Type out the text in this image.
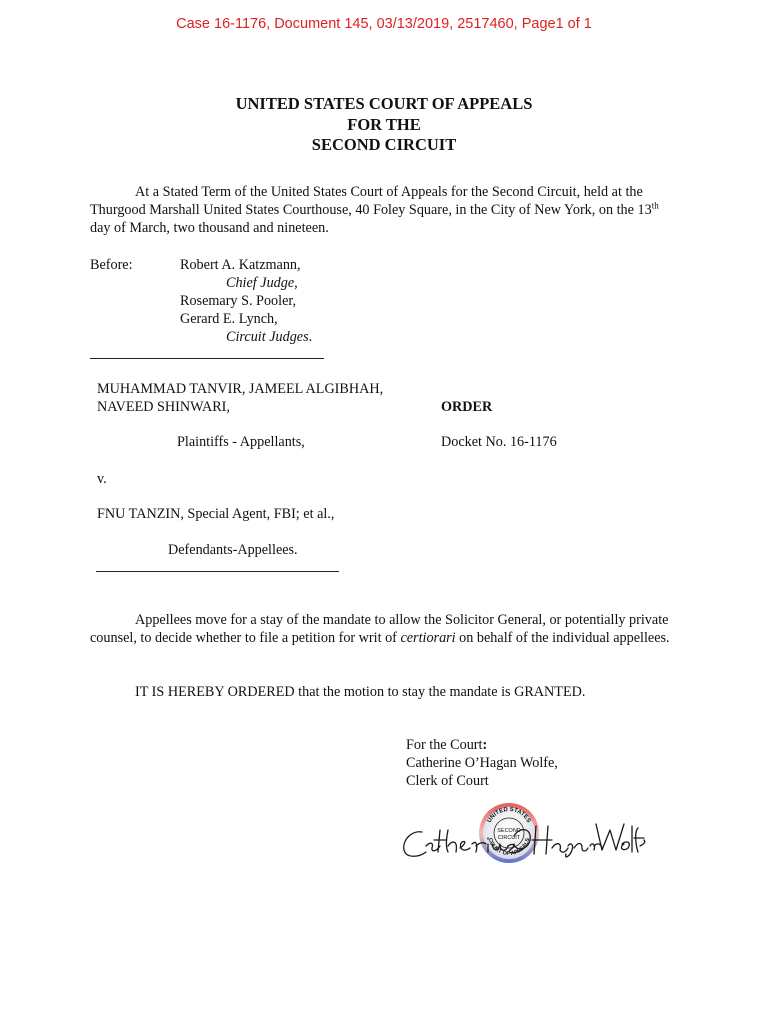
Case 16-1176, Document 145, 03/13/2019, 2517460, Page1 of 1
UNITED STATES COURT OF APPEALS
FOR THE
SECOND CIRCUIT
At a Stated Term of the United States Court of Appeals for the Second Circuit, held at the Thurgood Marshall United States Courthouse, 40 Foley Square, in the City of New York, on the 13th day of March, two thousand and nineteen.
Before:	Robert A. Katzmann,
Chief Judge,
Rosemary S. Pooler,
Gerard E. Lynch,
Circuit Judges.
MUHAMMAD TANVIR, JAMEEL ALGIBHAH,
NAVEED SHINWARI,	ORDER
Plaintiffs - Appellants,	Docket No. 16-1176
v.
FNU TANZIN, Special Agent, FBI; et al.,
Defendants-Appellees.
Appellees move for a stay of the mandate to allow the Solicitor General, or potentially private counsel, to decide whether to file a petition for writ of certiorari on behalf of the individual appellees.
IT IS HEREBY ORDERED that the motion to stay the mandate is GRANTED.
For the Court:
Catherine O’Hagan Wolfe,
Clerk of Court
UNITED STATES
COURT OF APPEALS
SECOND
CIRCUIT
